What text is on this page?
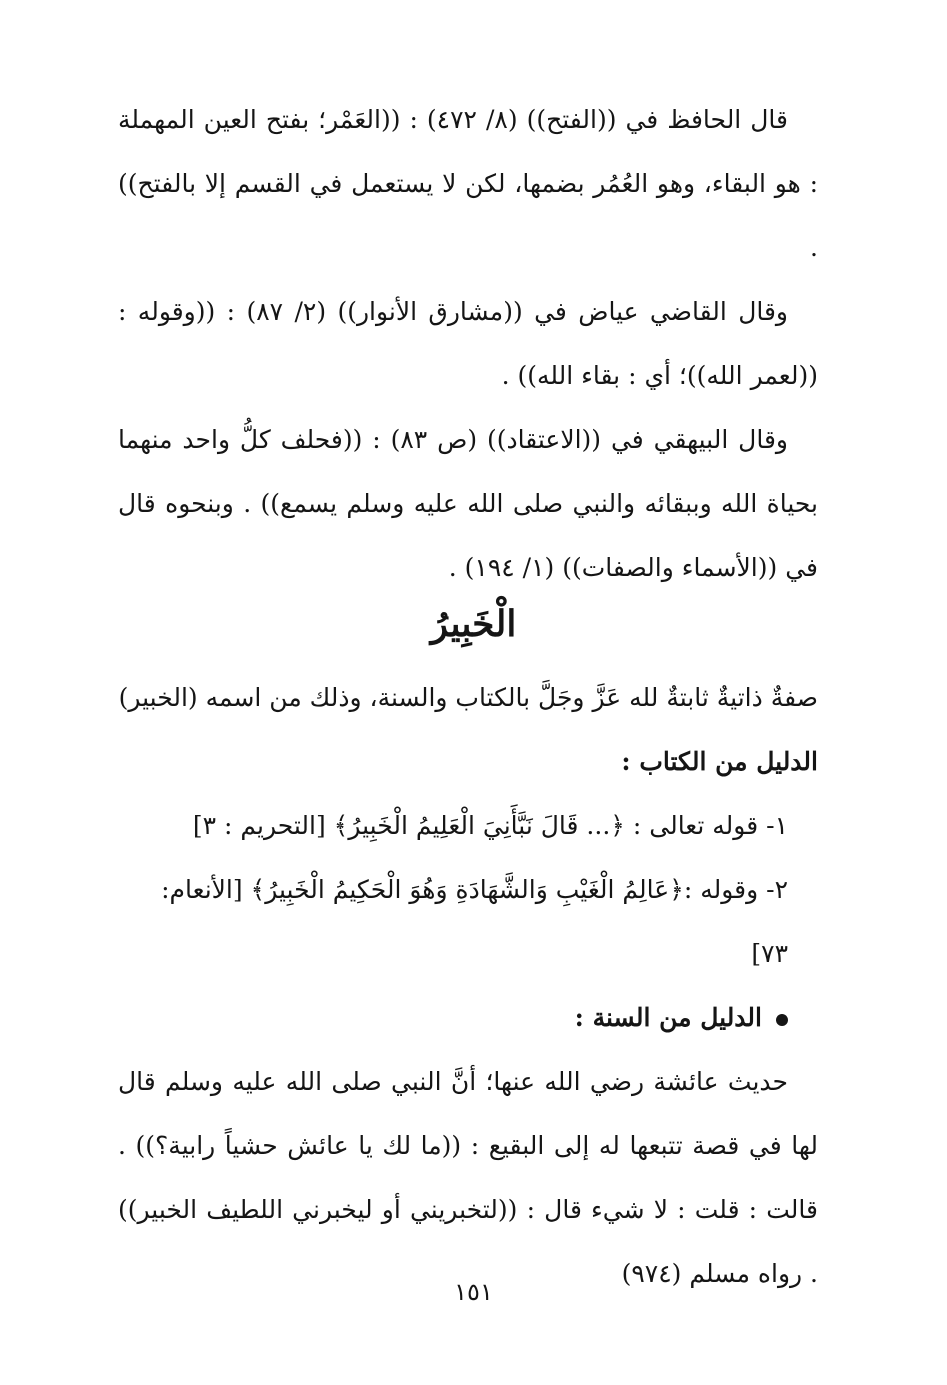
قال الحافظ في ((الفتح)) (٨/ ٤٧٢) : ((العَمْر؛ بفتح العين المهملة : هو البقاء، وهو العُمُر بضمها، لكن لا يستعمل في القسم إلا بالفتح)) .

وقال القاضي عياض في ((مشارق الأنوار)) (٢/ ٨٧) : ((وقوله : ((لعمر الله))؛ أي : بقاء الله)) .

وقال البيهقي في ((الاعتقاد)) (ص ٨٣) : ((فحلف كلُّ واحد منهما بحياة الله وببقائه والنبي صلى الله عليه وسلم يسمع)) . وبنحوه قال في ((الأسماء والصفات)) (١/ ١٩٤) .

الْخَبِيرُ

صفةٌ ذاتيةٌ ثابتةٌ لله عَزَّ وجَلَّ بالكتاب والسنة، وذلك من اسمه (الخبير)

الدليل من الكتاب :

١- قوله تعالى : ﴿... قَالَ نَبَّأَنِيَ الْعَلِيمُ الْخَبِيرُ﴾ [التحريم : ٣]

٢- وقوله :﴿عَالِمُ الْغَيْبِ وَالشَّهَادَةِ وَهُوَ الْحَكِيمُ الْخَبِيرُ﴾ [الأنعام: ٧٣]

الدليل من السنة :

حديث عائشة رضي الله عنها؛ أنَّ النبي صلى الله عليه وسلم قال لها في قصة تتبعها له إلى البقيع : ((ما لك يا عائش حشياً رابية؟)) . قالت : قلت : لا شيء قال : ((لتخبريني أو ليخبرني اللطيف الخبير)) . رواه مسلم (٩٧٤)

١٥١
